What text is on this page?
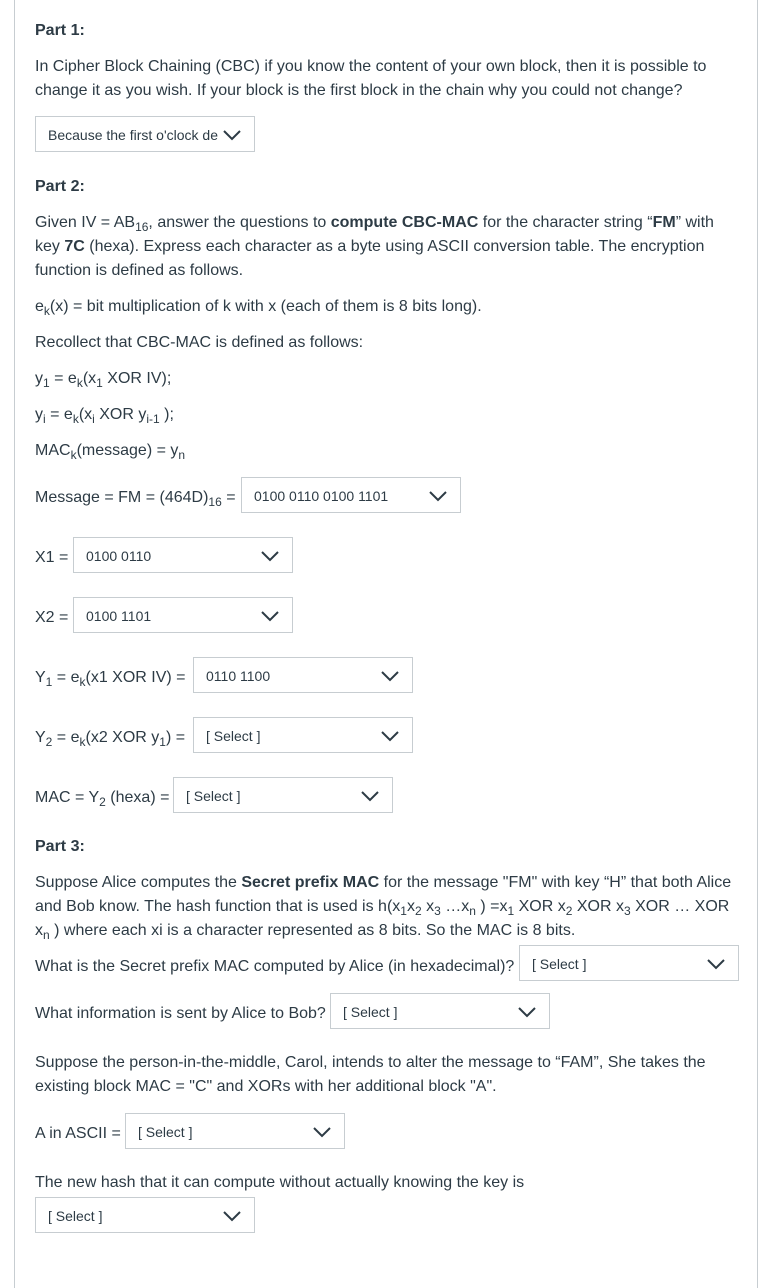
Part 1:
In Cipher Block Chaining (CBC) if you know the content of your own block, then it is possible to change it as you wish. If your block is the first block in the chain why you could not change?
Because the first o'clock de
Part 2:
Given IV = $AB_{16}$, answer the questions to compute CBC-MAC for the character string “FM” with key 7C (hexa). Express each character as a byte using ASCII conversion table. The encryption function is defined as follows.
$e_k(x)$ = bit multiplication of k with x (each of them is 8 bits long).
Recollect that CBC-MAC is defined as follows:
$y_1 = e_k(x_1$ XOR IV);
$y_i = e_k(x_i$ XOR $y_{i-1}$ );
$MAC_k(message) = y_n$
Message = FM = $(464D)_{16} = 0100$ 0110 0100 1101
X1 = 0100 0110
X2 = 0100 1101
$Y_1 = e_k(x1$ XOR IV) = 0110 1100
$Y_2 = e_k(x2$ XOR $y_1$) = [ Select ]
MAC = $Y_2$ (hexa) = [ Select ]
Part 3:
Suppose Alice computes the Secret prefix MAC for the message "FM" with key “H” that both Alice and Bob know. The hash function that is used is $h(x_1x_2$ $x_3$ $\dots x_n$ ) $=x_1$ XOR $x_2$ XOR $x_3$ XOR … XOR $x_n$ ) where each xi is a character represented as 8 bits. So the MAC is 8 bits.
What is the Secret prefix MAC computed by Alice (in hexadecimal)? [ Select ]
What information is sent by Alice to Bob? [ Select ]
Suppose the person-in-the-middle, Carol, intends to alter the message to “FAM”, She takes the existing block MAC = "C" and XORs with her additional block "A".
A in ASCII = [ Select ]
The new hash that it can compute without actually knowing the key is
[ Select ]
